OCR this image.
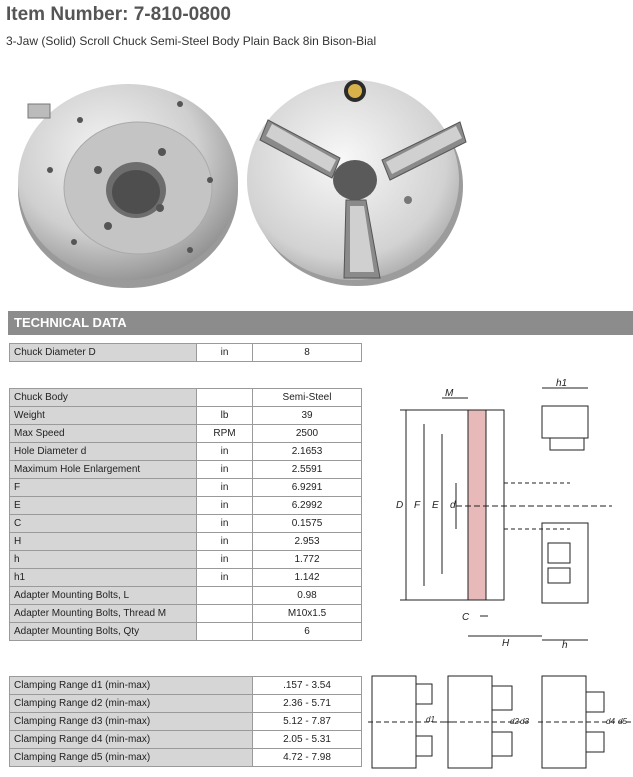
Item Number: 7-810-0800
3-Jaw (Solid) Scroll Chuck Semi-Steel Body Plain Back 8in Bison-Bial
TECHNICAL DATA
Chuck Diameter D	in	8
Chuck Body		Semi-Steel
Weight	lb	39
Max Speed	RPM	2500
Hole Diameter d	in	2.1653
Maximum Hole Enlargement	in	2.5591
F	in	6.9291
E	in	6.2992
C	in	0.1575
H	in	2.953
h	in	1.772
h1	in	1.142
Adapter Mounting Bolts, L		0.98
Adapter Mounting Bolts, Thread M		M10x1.5
Adapter Mounting Bolts, Qty		6
Clamping Range d1 (min-max)	.157 - 3.54
Clamping Range d2 (min-max)	2.36 - 5.71
Clamping Range d3 (min-max)	5.12 - 7.87
Clamping Range d4 (min-max)	2.05 - 5.31
Clamping Range d5 (min-max)	4.72 - 7.98
M
h1
D F E d
C
H	h
d1	d2 d3	d4 d5
